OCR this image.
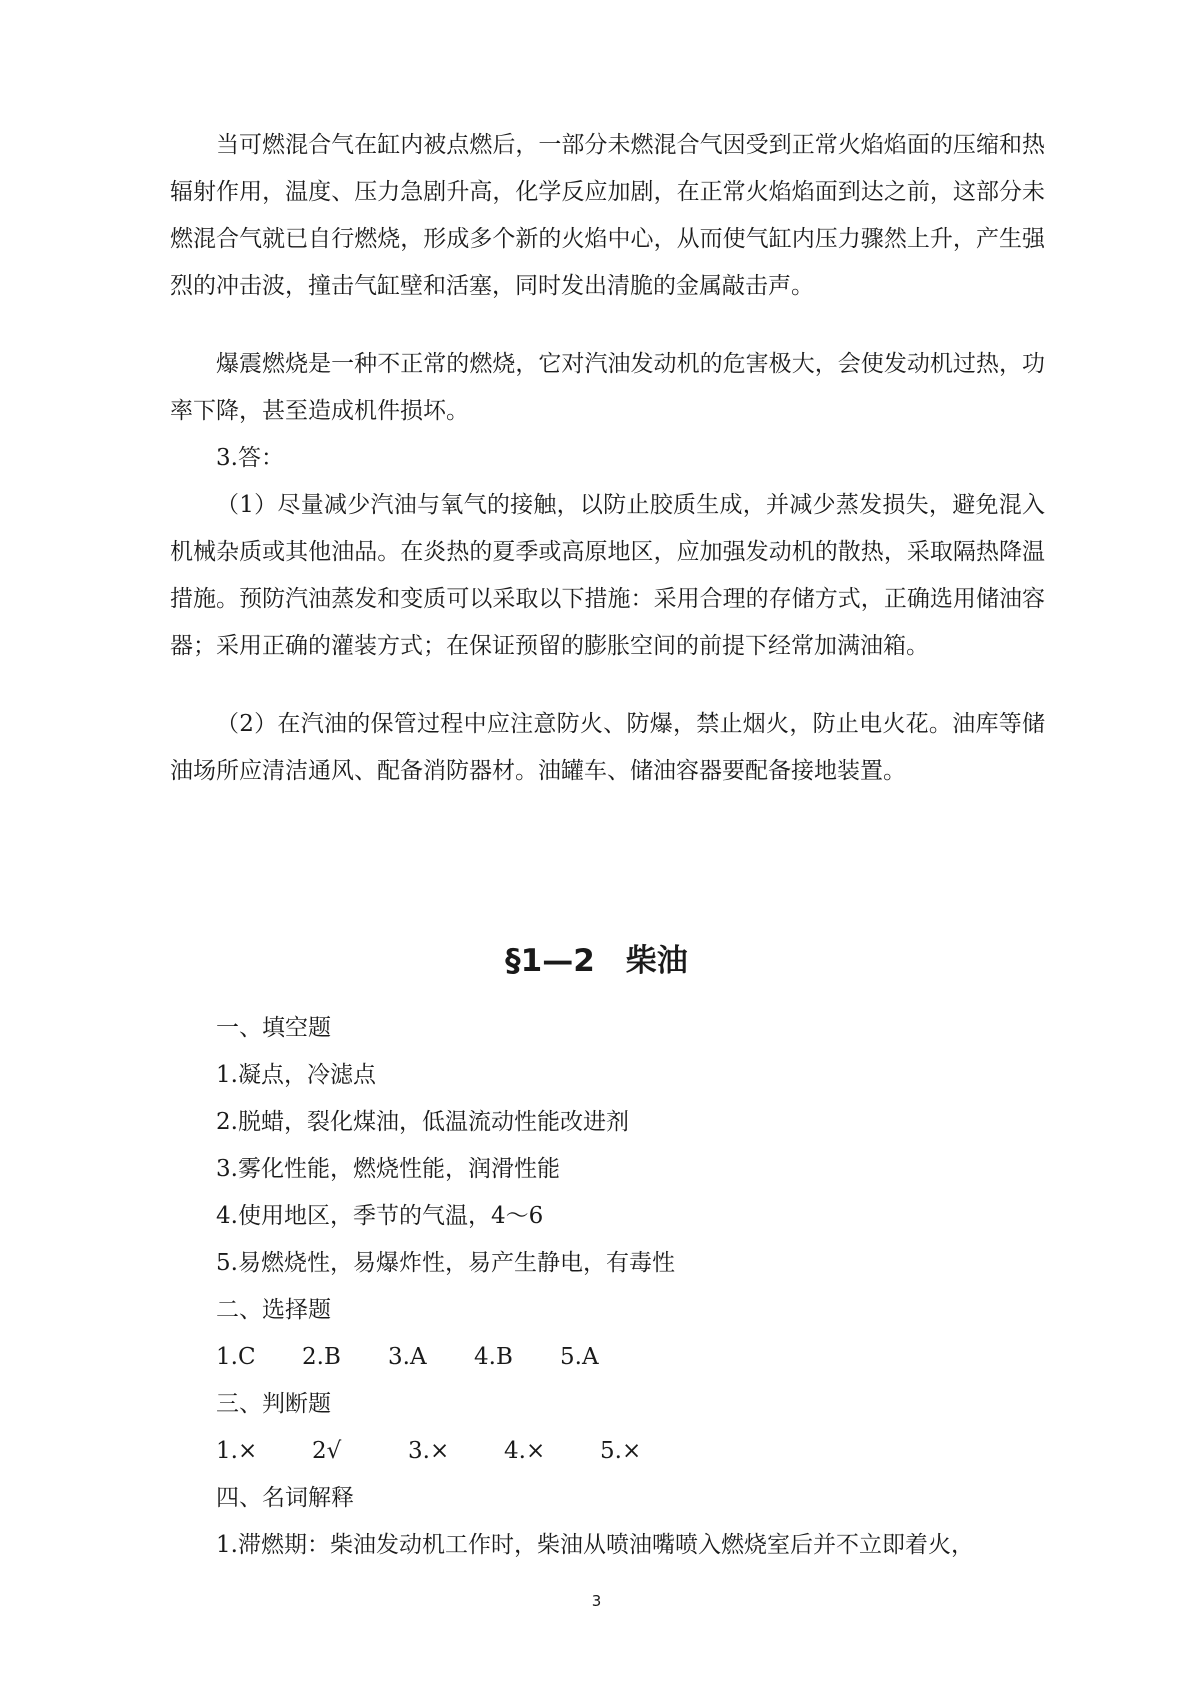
当可燃混合气在缸内被点燃后，一部分未燃混合气因受到正常火焰焰面的压缩和热辐射作用，温度、压力急剧升高，化学反应加剧，在正常火焰焰面到达之前，这部分未燃混合气就已自行燃烧，形成多个新的火焰中心，从而使气缸内压力骤然上升，产生强烈的冲击波，撞击气缸壁和活塞，同时发出清脆的金属敲击声。

爆震燃烧是一种不正常的燃烧，它对汽油发动机的危害极大，会使发动机过热，功率下降，甚至造成机件损坏。

3.答：

（1）尽量减少汽油与氧气的接触，以防止胶质生成，并减少蒸发损失，避免混入机械杂质或其他油品。在炎热的夏季或高原地区，应加强发动机的散热，采取隔热降温措施。预防汽油蒸发和变质可以采取以下措施：采用合理的存储方式，正确选用储油容器；采用正确的灌装方式；在保证预留的膨胀空间的前提下经常加满油箱。

（2）在汽油的保管过程中应注意防火、防爆，禁止烟火，防止电火花。油库等储油场所应清洁通风、配备消防器材。油罐车、储油容器要配备接地装置。

§1—2　柴油

一、填空题

1.凝点，冷滤点

2.脱蜡，裂化煤油，低温流动性能改进剂

3.雾化性能，燃烧性能，润滑性能

4.使用地区，季节的气温，4～6

5.易燃烧性，易爆炸性，易产生静电，有毒性

二、选择题

1.C 2.B 3.A 4.B 5.A

三、判断题

1.× 2√	3.× 4.× 5.×

四、名词解释

1.滞燃期：柴油发动机工作时，柴油从喷油嘴喷入燃烧室后并不立即着火，

3
